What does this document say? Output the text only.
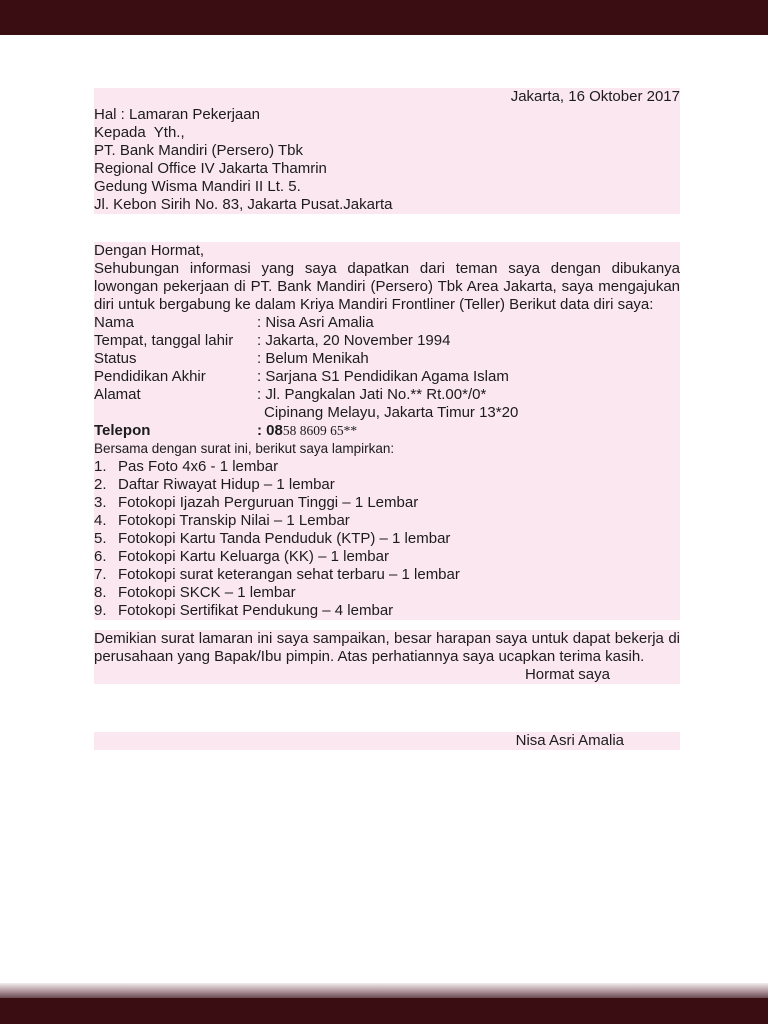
Jakarta, 16 Oktober 2017
Hal : Lamaran Pekerjaan
Kepada  Yth.,
PT. Bank Mandiri (Persero) Tbk
Regional Office IV Jakarta Thamrin
Gedung Wisma Mandiri II Lt. 5.
Jl. Kebon Sirih No. 83, Jakarta Pusat.Jakarta
Dengan Hormat,

Sehubungan informasi yang saya dapatkan dari teman saya dengan dibukanya lowongan pekerjaan di PT. Bank Mandiri (Persero) Tbk Area Jakarta, saya mengajukan diri untuk bergabung ke dalam Kriya Mandiri Frontliner (Teller) Berikut data diri saya:

Nama	: Nisa Asri Amalia
Tempat, tanggal lahir	: Jakarta, 20 November 1994
Status	: Belum Menikah
Pendidikan Akhir	: Sarjana S1 Pendidikan Agama Islam
Alamat	: Jl. Pangkalan Jati No.** Rt.00*/0*
Cipinang Melayu, Jakarta Timur 13*20
Telepon	: 0858 8609 65**
Bersama dengan surat ini, berikut saya lampirkan:
1. Pas Foto 4x6 - 1 lembar
2. Daftar Riwayat Hidup – 1 lembar
3. Fotokopi Ijazah Perguruan Tinggi – 1 Lembar
4. Fotokopi Transkip Nilai – 1 Lembar
5. Fotokopi Kartu Tanda Penduduk (KTP) – 1 lembar
6. Fotokopi Kartu Keluarga (KK) – 1 lembar
7. Fotokopi surat keterangan sehat terbaru – 1 lembar
8. Fotokopi SKCK – 1 lembar
9. Fotokopi Sertifikat Pendukung – 4 lembar

Demikian surat lamaran ini saya sampaikan, besar harapan saya untuk dapat bekerja di perusahaan yang Bapak/Ibu pimpin. Atas perhatiannya saya ucapkan terima kasih.

Hormat saya
Nisa Asri Amalia
